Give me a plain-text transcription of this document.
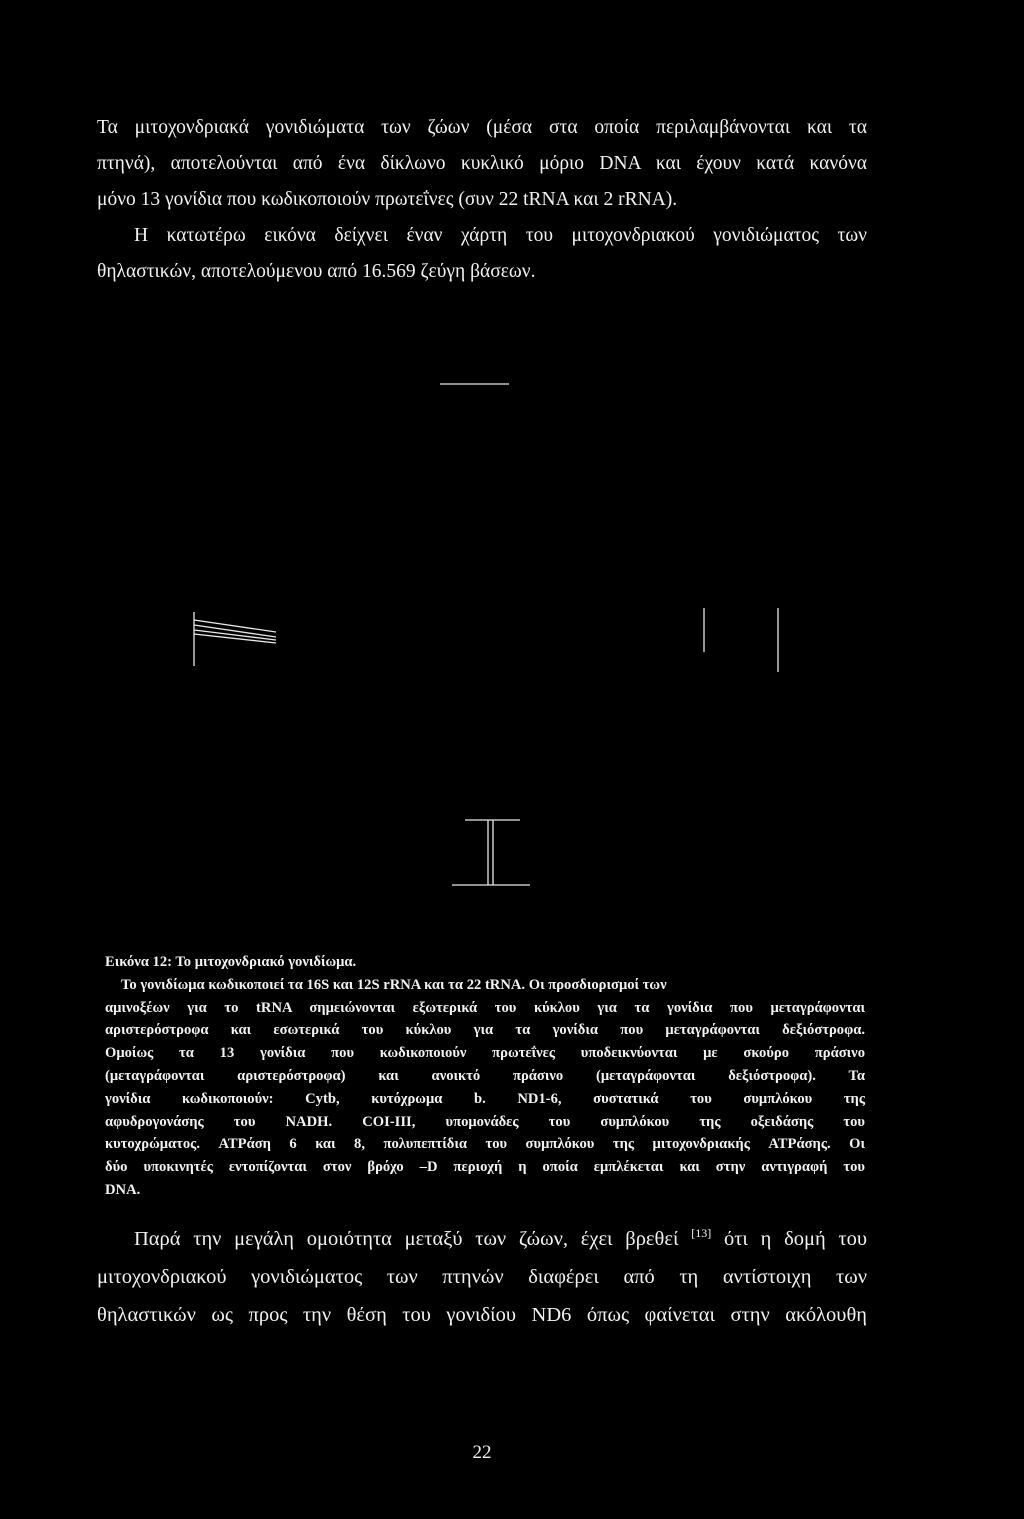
Τα μιτοχονδριακά γονιδιώματα των ζώων (μέσα στα οποία περιλαμβάνονται και τα
πτηνά), αποτελούνται από ένα δίκλωνο κυκλικό μόριο DNA και έχουν κατά κανόνα
μόνο 13 γονίδια που κωδικοποιούν πρωτεΐνες (συν 22 tRNA και 2 rRNA).
Η κατωτέρω εικόνα δείχνει έναν χάρτη του μιτοχονδριακού γονιδιώματος των
θηλαστικών, αποτελούμενου από 16.569 ζεύγη βάσεων.
Εικόνα 12: Το μιτοχονδριακό γονιδίωμα.
Το γονιδίωμα κωδικοποιεί τα 16S και 12S rRNA και τα 22 tRNA. Οι προσδιορισμοί των
αμινοξέων για το tRNA σημειώνονται εξωτερικά του κύκλου για τα γονίδια που μεταγράφονται
αριστερόστροφα και εσωτερικά του κύκλου για τα γονίδια που μεταγράφονται δεξιόστροφα.
Ομοίως τα 13 γονίδια που κωδικοποιούν πρωτεΐνες υποδεικνύονται με σκούρο πράσινο
(μεταγράφονται αριστερόστροφα) και ανοικτό πράσινο (μεταγράφονται δεξιόστροφα). Τα
γονίδια κωδικοποιούν: Cytb, κυτόχρωμα b. ND1-6, συστατικά του συμπλόκου της
αφυδρογονάσης του NADH. COI-III, υπομονάδες του συμπλόκου της οξειδάσης του
κυτοχρώματος. ATPάση 6 και 8, πολυπεπτίδια του συμπλόκου της μιτοχονδριακής ATPάσης. Οι
δύο υποκινητές εντοπίζονται στον βρόχο –D περιοχή η οποία εμπλέκεται και στην αντιγραφή του
DNA.
Παρά την μεγάλη ομοιότητα μεταξύ των ζώων, έχει βρεθεί [13] ότι η δομή του
μιτοχονδριακού γονιδιώματος των πτηνών διαφέρει από τη αντίστοιχη των
θηλαστικών ως προς την θέση του γονιδίου ND6 όπως φαίνεται στην ακόλουθη
22
